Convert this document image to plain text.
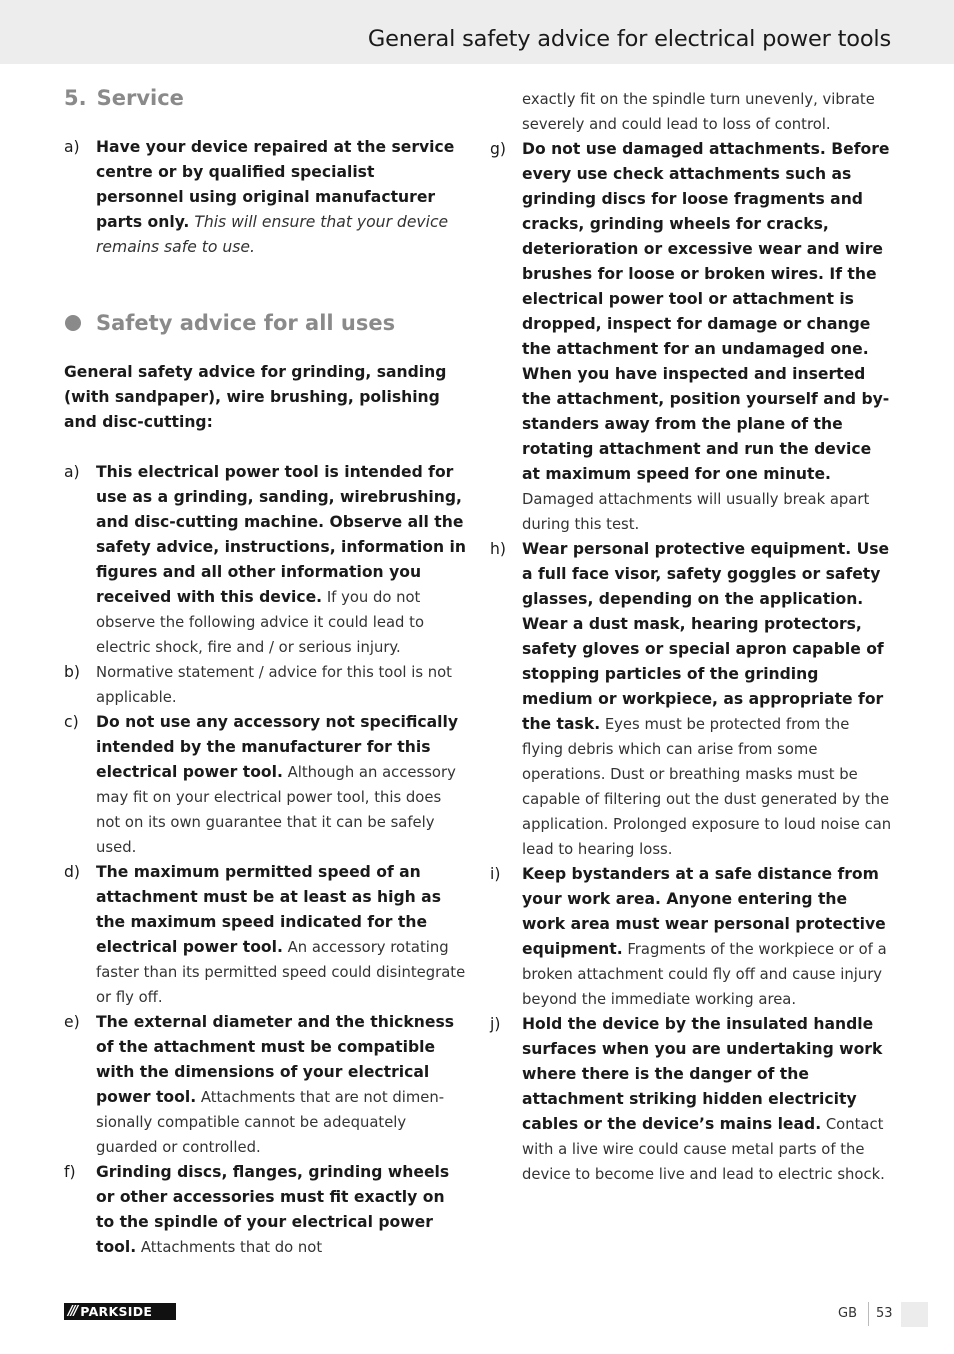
General safety advice for electrical power tools
5. Service
a)	Have your device repaired at the service centre or by qualified specialist personnel using original manufacturer parts only. This will ensure that your device remains safe to use.
Safety advice for all uses
General safety advice for grinding, sanding (with sandpaper), wire brushing, polishing and disc-cutting:
a)	This electrical power tool is intended for use as a grinding, sanding, wirebrushing, and disc-cutting machine. Observe all the safety advice, instructions, information in figures and all other information you received with this device. If you do not observe the following advice it could lead to electric shock, fire and / or serious injury.
b)	Normative statement / advice for this tool is not applicable.
c)	Do not use any accessory not specifically intended by the manufacturer for this electrical power tool. Although an accessory may fit on your electrical power tool, this does not on its own guarantee that it can be safely used.
d)	The maximum permitted speed of an attachment must be at least as high as the maximum speed indicated for the electrical power tool. An accessory rotating faster than its permitted speed could disintegrate or fly off.
e)	The external diameter and the thickness of the attachment must be compatible with the dimensions of your electrical power tool. Attachments that are not dimensionally compatible cannot be adequately guarded or controlled.
f)	Grinding discs, flanges, grinding wheels or other accessories must fit exactly on to the spindle of your electrical power tool. Attachments that do not
exactly fit on the spindle turn unevenly, vibrate severely and could lead to loss of control.
g)	Do not use damaged attachments. Before every use check attachments such as grinding discs for loose fragments and cracks, grinding wheels for cracks, deterioration or excessive wear and wire brushes for loose or broken wires. If the electrical power tool or attachment is dropped, inspect for damage or change the attachment for an undamaged one. When you have inspected and inserted the attachment, position yourself and bystanders away from the plane of the rotating attachment and run the device at maximum speed for one minute. Damaged attachments will usually break apart during this test.
h)	Wear personal protective equipment. Use a full face visor, safety goggles or safety glasses, depending on the application. Wear a dust mask, hearing protectors, safety gloves or special apron capable of stopping particles of the grinding medium or workpiece, as appropriate for the task. Eyes must be protected from the flying debris which can arise from some operations. Dust or breathing masks must be capable of filtering out the dust generated by the application. Prolonged exposure to loud noise can lead to hearing loss.
i)	Keep bystanders at a safe distance from your work area. Anyone entering the work area must wear personal protective equipment. Fragments of the workpiece or of a broken attachment could fly off and cause injury beyond the immediate working area.
j)	Hold the device by the insulated handle surfaces when you are undertaking work where there is the danger of the attachment striking hidden electricity cables or the device’s mains lead. Contact with a live wire could cause metal parts of the device to become live and lead to electric shock.
/// PARKSIDE	GB 53
